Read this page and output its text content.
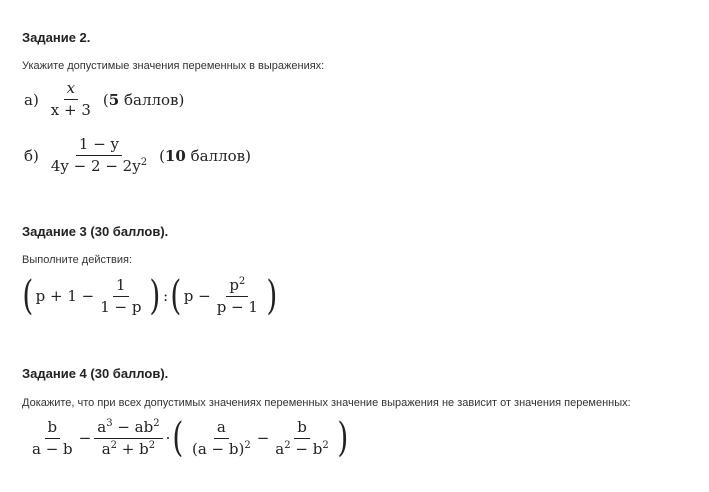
Задание 2.
Укажите допустимые значения переменных в выражениях:
$а) \frac{x}{x + 3} (5$ баллов)
$б) \frac{1 - y}{4y - 2 - 2y^2} (10$ баллов)
Задание 3 (30 баллов).
Выполните действия:
( $p + 1 - \frac{1}{1 - p}$ ) : ( $p - \frac{p^2}{p - 1}$ )
Задание 4 (30 баллов).
Докажите, что при всех допустимых значениях переменных значение выражения не зависит от значения переменных:
$\frac{b}{a - b} - \frac{a^3 - ab^2}{a^2 + b^2}$ · ( $\frac{a}{(a - b)^2} - \frac{b}{a^2 - b^2}$ )
